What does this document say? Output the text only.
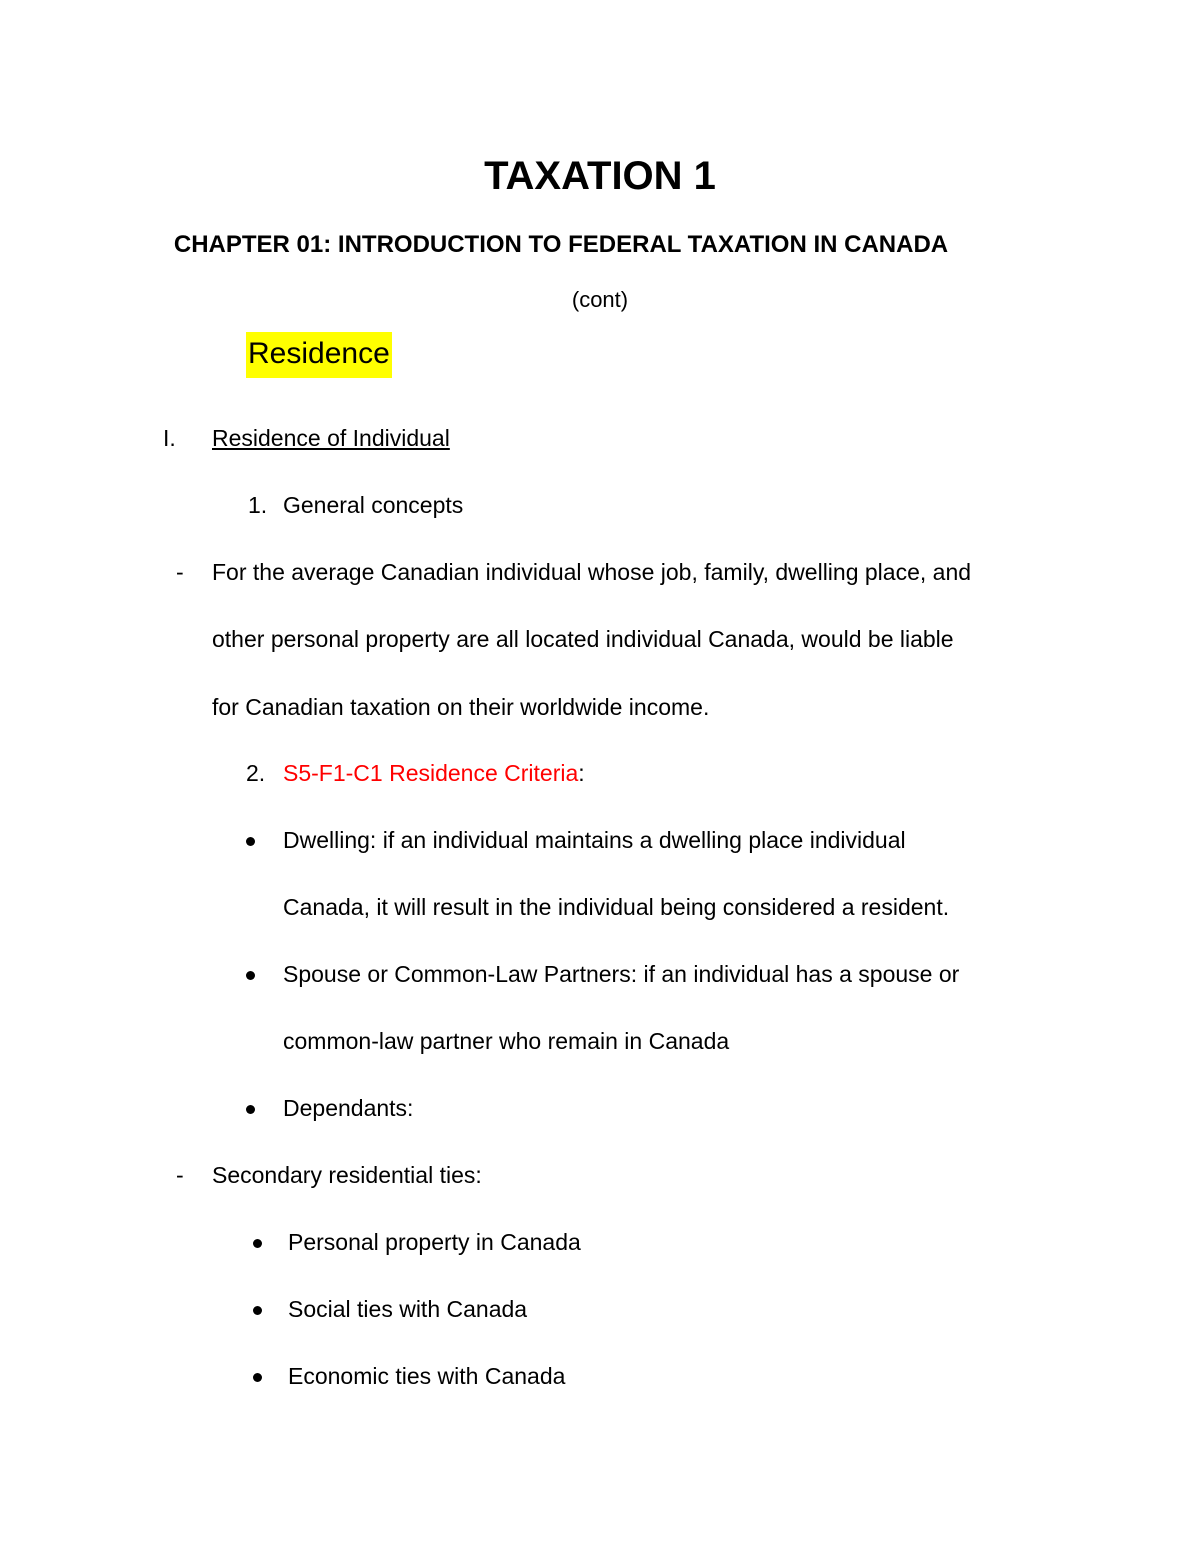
TAXATION 1
CHAPTER 01: INTRODUCTION TO FEDERAL TAXATION IN CANADA
(cont)
Residence
I. Residence of Individual
1. General concepts
- For the average Canadian individual whose job, family, dwelling place, and
other personal property are all located individual Canada, would be liable
for Canadian taxation on their worldwide income.
2. S5-F1-C1 Residence Criteria:
Dwelling: if an individual maintains a dwelling place individual
Canada, it will result in the individual being considered a resident.
Spouse or Common-Law Partners: if an individual has a spouse or
common-law partner who remain in Canada
Dependants:
- Secondary residential ties:
Personal property in Canada
Social ties with Canada
Economic ties with Canada
